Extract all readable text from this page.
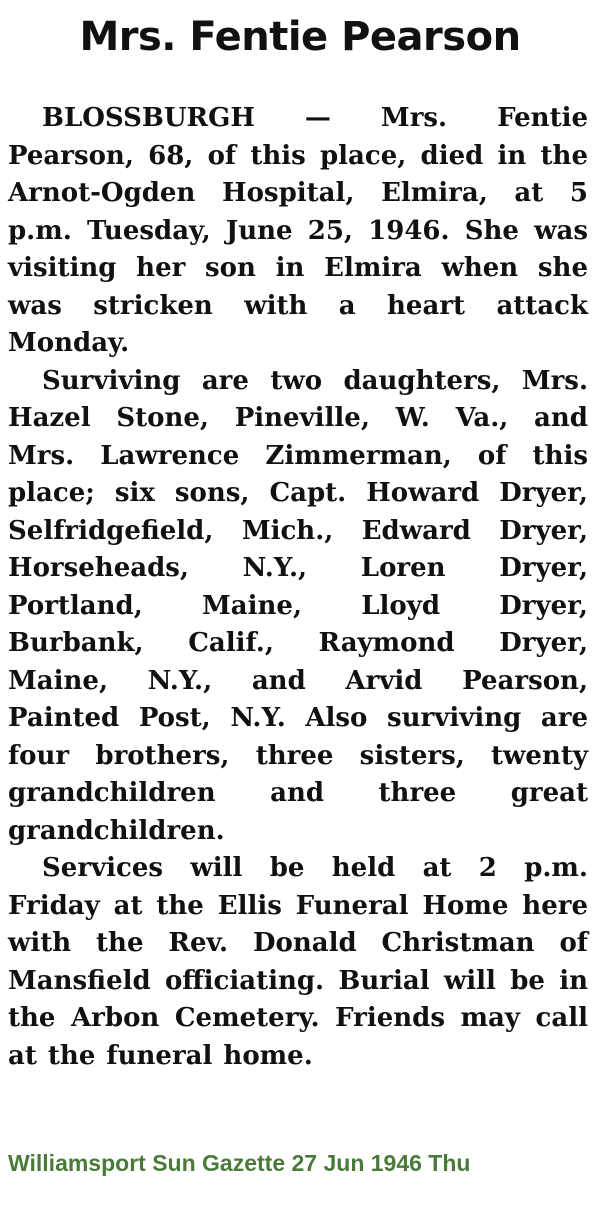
Mrs. Fentie Pearson

BLOSSBURGH — Mrs. Fentie Pearson, 68, of this place, died in the Arnot-Ogden Hospital, Elmira, at 5 p.m. Tuesday, June 25, 1946. She was visiting her son in Elmira when she was stricken with a heart attack Monday.

Surviving are two daughters, Mrs. Hazel Stone, Pineville, W. Va., and Mrs. Lawrence Zimmerman, of this place; six sons, Capt. Howard Dryer, Selfridgefield, Mich., Edward Dryer, Horseheads, N.Y., Loren Dryer, Portland, Maine, Lloyd Dryer, Burbank, Calif., Raymond Dryer, Maine, N.Y., and Arvid Pearson, Painted Post, N.Y. Also surviving are four brothers, three sisters, twenty grandchildren and three great grandchildren.

Services will be held at 2 p.m. Friday at the Ellis Funeral Home here with the Rev. Donald Christman of Mansfield officiating. Burial will be in the Arbon Cemetery. Friends may call at the funeral home.

Williamsport Sun Gazette 27 Jun 1946 Thu
